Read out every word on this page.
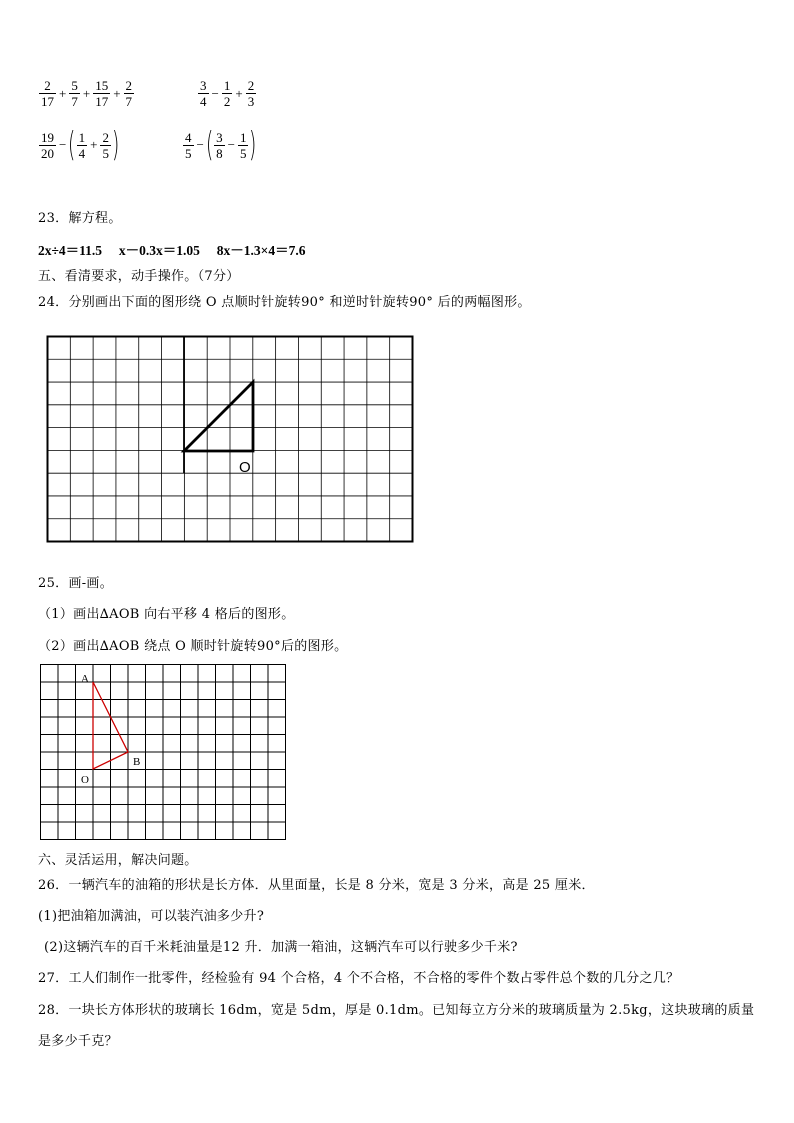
$\frac{2}{17} + \frac{5}{7} + \frac{15}{17} + \frac{2}{7}$	$\frac{3}{4} - \frac{1}{2} + \frac{2}{3}$
$\frac{19}{20}$ − ( $\frac{1}{4} + \frac{2}{5}$ )	$\frac{4}{5}$ − ( $\frac{3}{8} - \frac{1}{5}$ )
23．解方程。
2x÷4＝11.5     x－0.3x＝1.05     8x－1.3×4＝7.6
五、看清要求，动手操作。（7分）
24．分别画出下面的图形绕 O 点顺时针旋转90° 和逆时针旋转90° 后的两幅图形。
O
25．画-画。
（1）画出∆AOB 向右平移 4 格后的图形。
（2）画出∆AOB 绕点 O 顺时针旋转90°后的图形。
A
B
O
六、灵活运用，解决问题。
26．一辆汽车的油箱的形状是长方体．从里面量，长是 8 分米，宽是 3 分米，高是 25 厘米．
(1)把油箱加满油，可以装汽油多少升?
(2)这辆汽车的百千米耗油量是12 升．加满一箱油，这辆汽车可以行驶多少千米?
27．工人们制作一批零件，经检验有 94 个合格，4 个不合格，不合格的零件个数占零件总个数的几分之几？
28．一块长方体形状的玻璃长 16dm，宽是 5dm，厚是 0.1dm。已知每立方分米的玻璃质量为 2.5kg，这块玻璃的质量
是多少千克？
